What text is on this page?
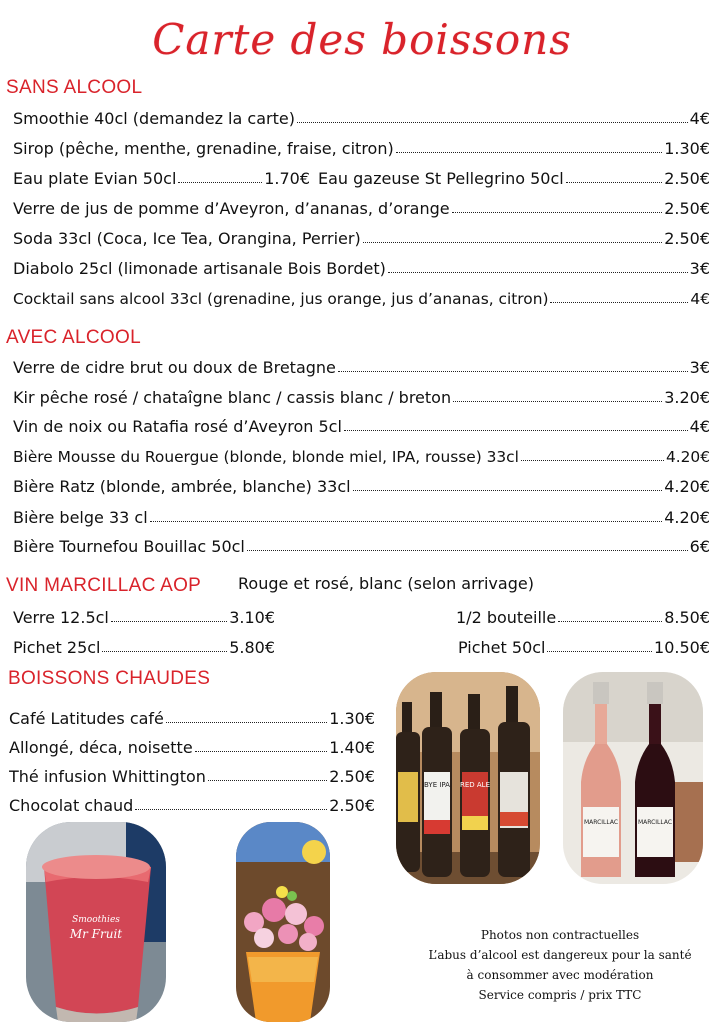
Carte des boissons
SANS ALCOOL
Smoothie 40cl (demandez la carte)	4€
Sirop (pêche, menthe, grenadine, fraise, citron)	1.30€
Eau plate Evian 50cl	1.70€ Eau gazeuse St Pellegrino 50cl	2.50€
Verre de jus de pomme d’Aveyron, d’ananas, d’orange	2.50€
Soda 33cl (Coca, Ice Tea, Orangina, Perrier)	2.50€
Diabolo 25cl (limonade artisanale Bois Bordet)	3€
Cocktail sans alcool 33cl (grenadine, jus orange, jus d’ananas, citron)	4€
AVEC ALCOOL
Verre de cidre brut ou doux de Bretagne	3€
Kir pêche rosé / chataîgne blanc / cassis blanc / breton	3.20€
Vin de noix ou Ratafia rosé d’Aveyron 5cl	4€
Bière Mousse du Rouergue (blonde, blonde miel, IPA, rousse) 33cl	4.20€
Bière Ratz (blonde, ambrée, blanche) 33cl	4.20€
Bière belge 33 cl	4.20€
Bière Tournefou Bouillac 50cl	6€
VIN MARCILLAC AOP Rouge et rosé, blanc (selon arrivage)
Verre 12.5cl	3.10€	1/2 bouteille	8.50€
Pichet 25cl	5.80€	Pichet 50cl	10.50€
BOISSONS CHAUDES
Café Latitudes café	1.30€
Allongé, déca, noisette	1.40€
Thé infusion Whittington	2.50€
Chocolat chaud	2.50€
Smoothies
Mr Fruit
BYE IPA RED ALE
MARCILLAC	MARCILLAC
Photos non contractuelles
L’abus d’alcool est dangereux pour la santé
à consommer avec modération
Service compris / prix TTC
